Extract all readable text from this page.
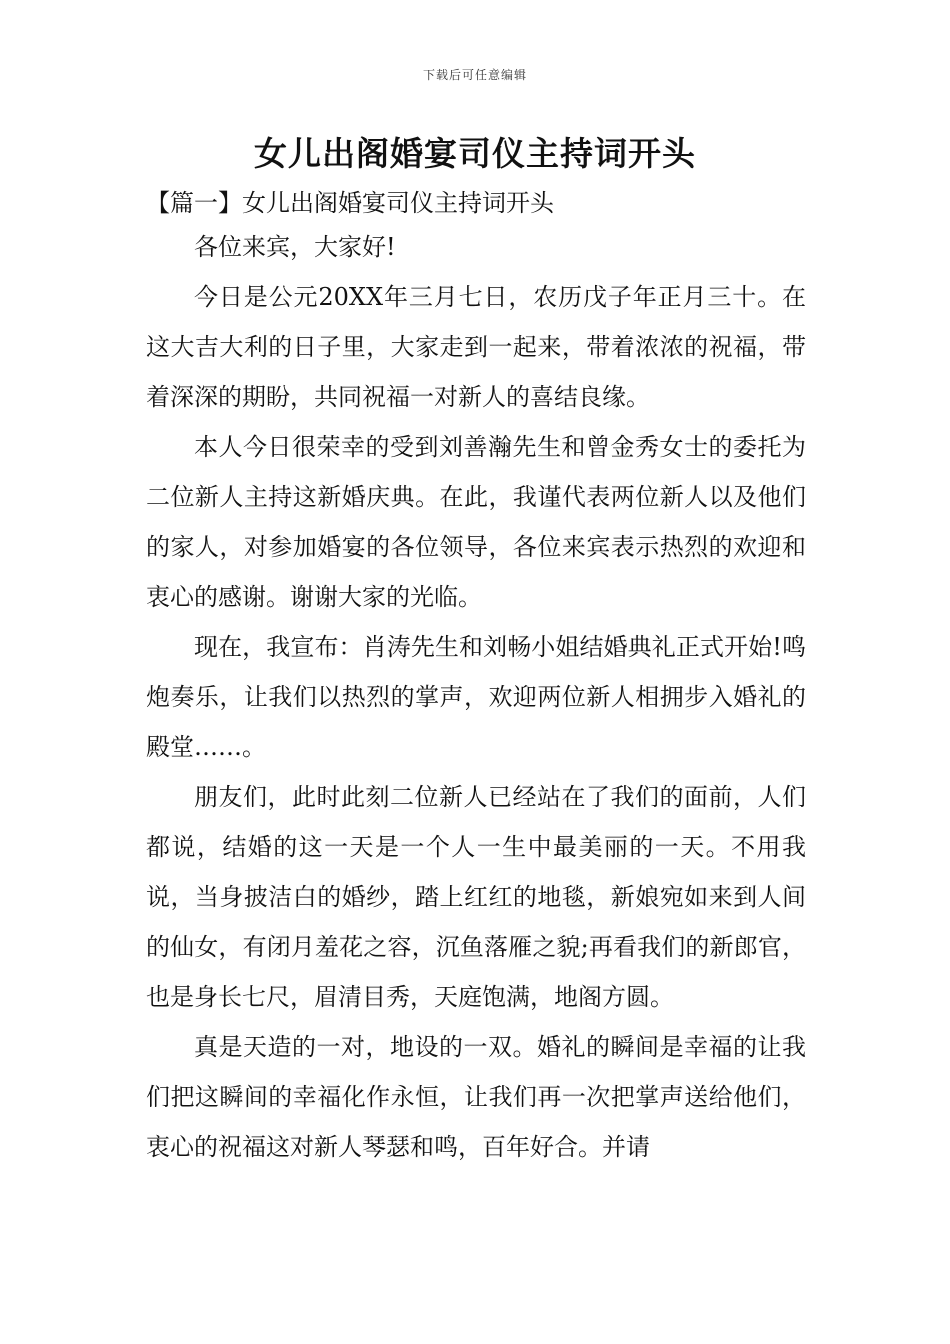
下载后可任意编辑
女儿出阁婚宴司仪主持词开头
【篇一】女儿出阁婚宴司仪主持词开头

各位来宾，大家好!

今日是公元20XX年三月七日，农历戊子年正月三十。在这大吉大利的日子里，大家走到一起来，带着浓浓的祝福，带着深深的期盼，共同祝福一对新人的喜结良缘。

本人今日很荣幸的受到刘善瀚先生和曾金秀女士的委托为二位新人主持这新婚庆典。在此，我谨代表两位新人以及他们的家人，对参加婚宴的各位领导，各位来宾表示热烈的欢迎和衷心的感谢。谢谢大家的光临。

现在，我宣布：肖涛先生和刘畅小姐结婚典礼正式开始!鸣炮奏乐，让我们以热烈的掌声，欢迎两位新人相拥步入婚礼的殿堂……。

朋友们，此时此刻二位新人已经站在了我们的面前，人们都说，结婚的这一天是一个人一生中最美丽的一天。不用我说，当身披洁白的婚纱，踏上红红的地毯，新娘宛如来到人间的仙女，有闭月羞花之容，沉鱼落雁之貌;再看我们的新郎官，也是身长七尺，眉清目秀，天庭饱满，地阁方圆。

真是天造的一对，地设的一双。婚礼的瞬间是幸福的让我们把这瞬间的幸福化作永恒，让我们再一次把掌声送给他们，衷心的祝福这对新人琴瑟和鸣，百年好合。并请
